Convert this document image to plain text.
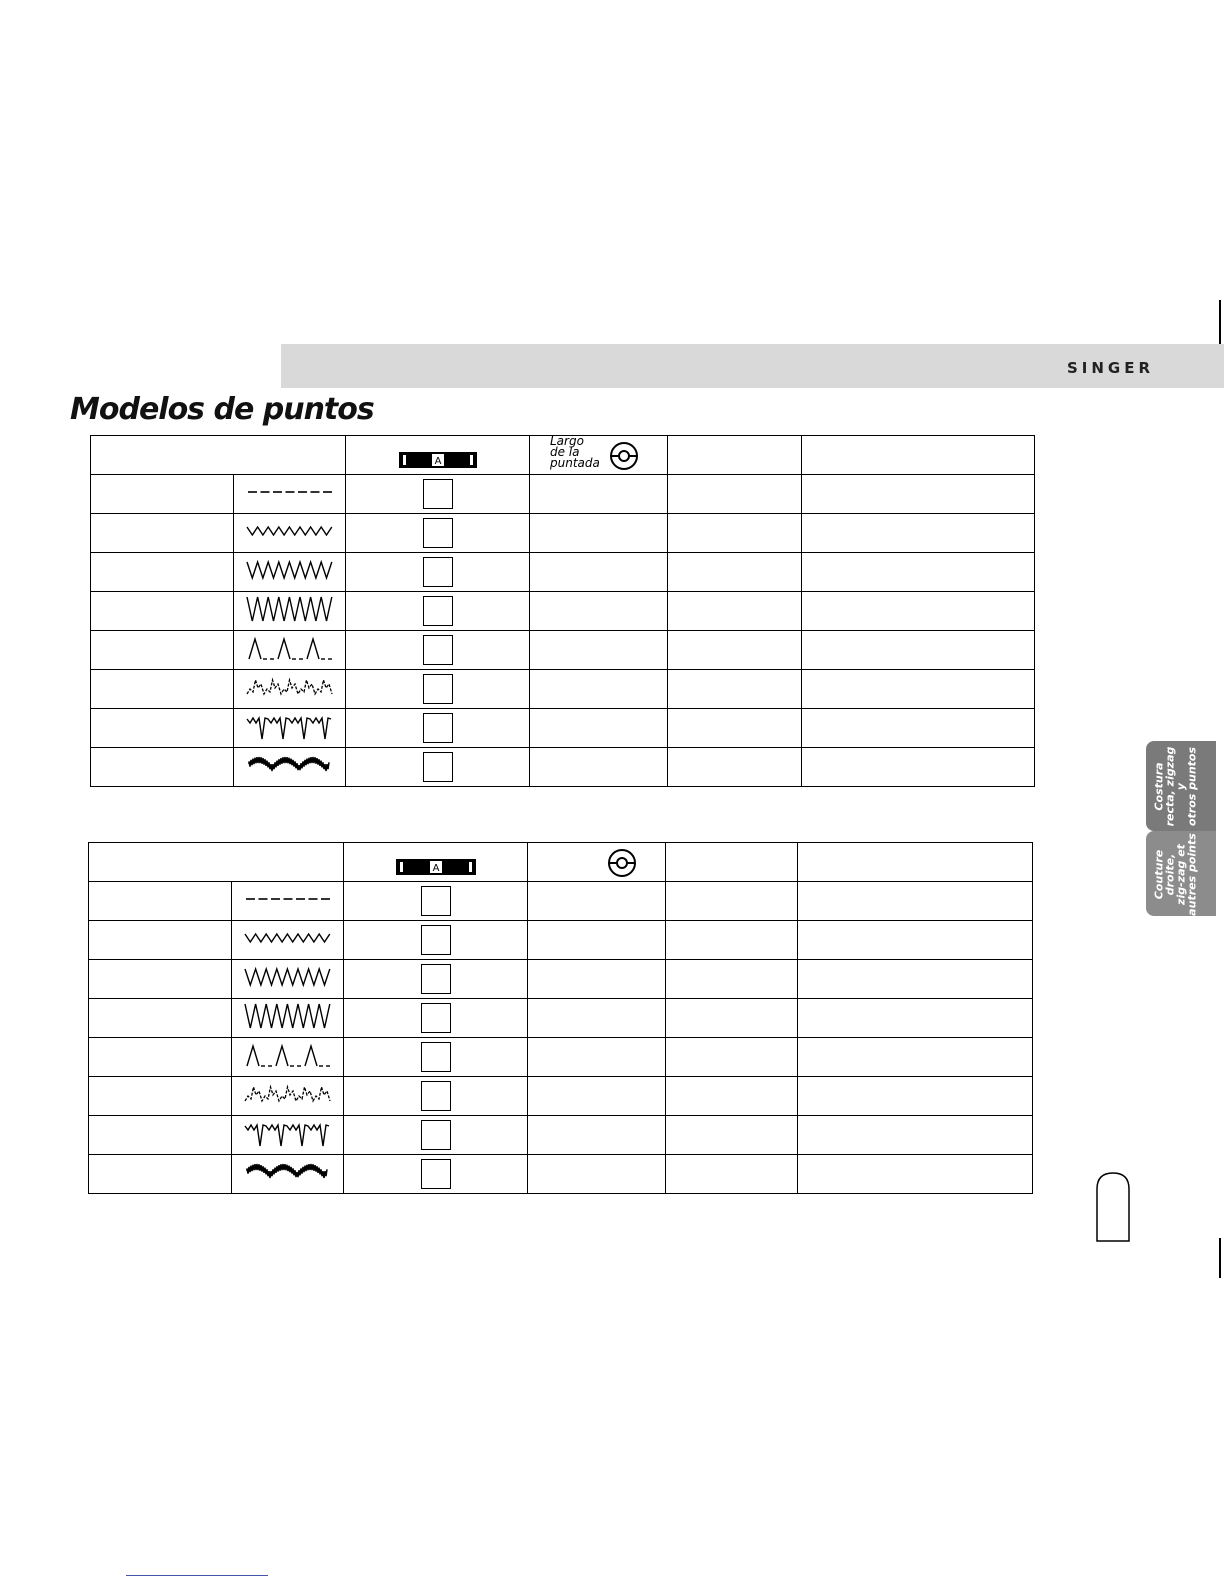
SINGER
Modelos de puntos

A	Largo
de la
puntada		

A

Costura
recta, zigzag
y
otros puntos
Couture
droite,
zig-zag et
autres points
